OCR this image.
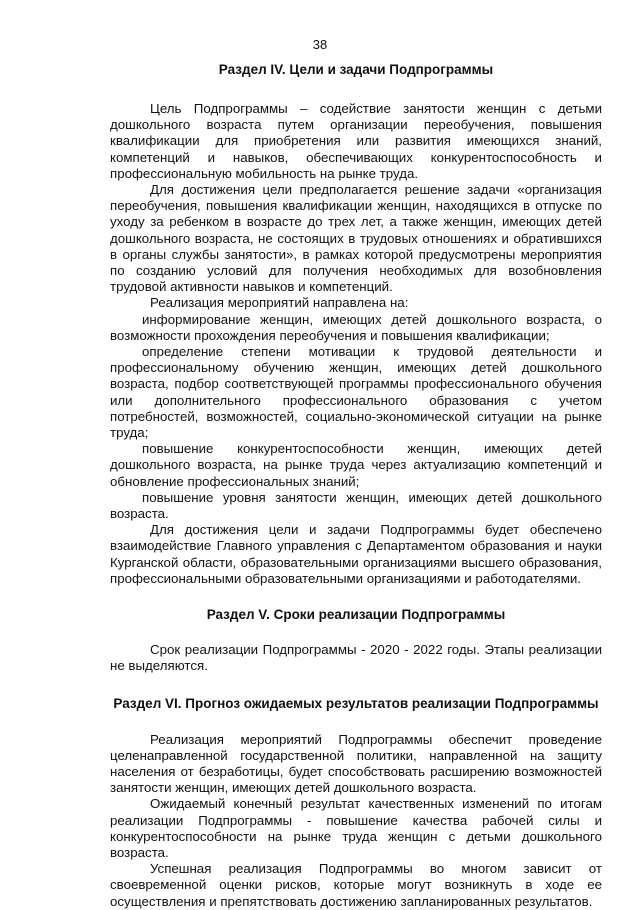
38
Раздел IV. Цели и задачи Подпрограммы

Цель Подпрограммы – содействие занятости женщин с детьми дошкольного возраста путем организации переобучения, повышения квалификации для приобретения или развития имеющихся знаний, компетенций и навыков, обеспечивающих конкурентоспособность и профессиональную мобильность на рынке труда.

Для достижения цели предполагается решение задачи «организация переобучения, повышения квалификации женщин, находящихся в отпуске по уходу за ребенком в возрасте до трех лет, а также женщин, имеющих детей дошкольного возраста, не состоящих в трудовых отношениях и обратившихся в органы службы занятости», в рамках которой предусмотрены мероприятия по созданию условий для получения необходимых для возобновления трудовой активности навыков и компетенций.

Реализация мероприятий направлена на:

информирование женщин, имеющих детей дошкольного возраста, о возможности прохождения переобучения и повышения квалификации;

определение степени мотивации к трудовой деятельности и профессиональному обучению женщин, имеющих детей дошкольного возраста, подбор соответствующей программы профессионального обучения или дополнительного профессионального образования с учетом потребностей, возможностей, социально-экономической ситуации на рынке труда;

повышение конкурентоспособности женщин, имеющих детей дошкольного возраста, на рынке труда через актуализацию компетенций и обновление профессиональных знаний;

повышение уровня занятости женщин, имеющих детей дошкольного возраста.

Для достижения цели и задачи Подпрограммы будет обеспечено взаимодействие Главного управления с Департаментом образования и науки Курганской области, образовательными организациями высшего образования, профессиональными образовательными организациями и работодателями.

Раздел V. Сроки реализации Подпрограммы

Срок реализации Подпрограммы - 2020 - 2022 годы. Этапы реализации не выделяются.

Раздел VI. Прогноз ожидаемых результатов реализации Подпрограммы

Реализация мероприятий Подпрограммы обеспечит проведение целенаправленной государственной политики, направленной на защиту населения от безработицы, будет способствовать расширению возможностей занятости женщин, имеющих детей дошкольного возраста.

Ожидаемый конечный результат качественных изменений по итогам реализации Подпрограммы - повышение качества рабочей силы и конкурентоспособности на рынке труда женщин с детьми дошкольного возраста.

Успешная реализация Подпрограммы во многом зависит от своевременной оценки рисков, которые могут возникнуть в ходе ее осуществления и препятствовать достижению запланированных результатов.
